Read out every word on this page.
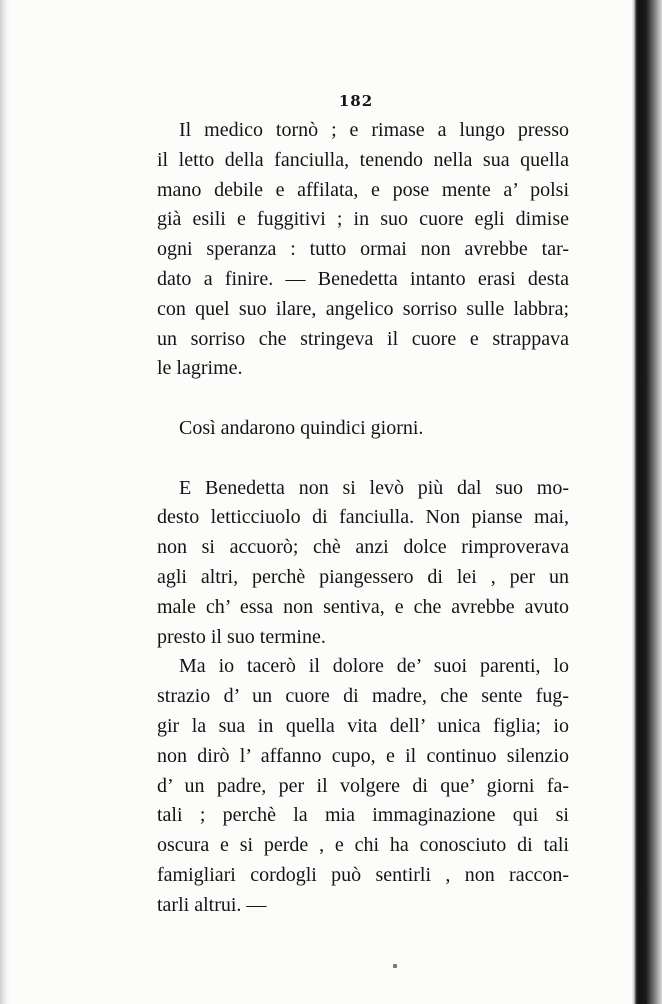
182
Il medico tornò ; e rimase a lungo presso
il letto della fanciulla, tenendo nella sua quella
mano debile e affilata, e pose mente a’ polsi
già esili e fuggitivi ; in suo cuore egli dimise
ogni speranza : tutto ormai non avrebbe tar-
dato a finire. — Benedetta intanto erasi desta
con quel suo ilare, angelico sorriso sulle labbra;
un sorriso che stringeva il cuore e strappava
le lagrime.
Così andarono quindici giorni.
E Benedetta non si levò più dal suo mo-
desto letticciuolo di fanciulla. Non pianse mai,
non si accuorò; chè anzi dolce rimproverava
agli altri, perchè piangessero di lei , per un
male ch’ essa non sentiva, e che avrebbe avuto
presto il suo termine.
Ma io tacerò il dolore de’ suoi parenti, lo
strazio d’ un cuore di madre, che sente fug-
gir la sua in quella vita dell’ unica figlia; io
non dirò l’ affanno cupo, e il continuo silenzio
d’ un padre, per il volgere di que’ giorni fa-
tali ; perchè la mia immaginazione qui si
oscura e si perde , e chi ha conosciuto di tali
famigliari cordogli può sentirli , non raccon-
tarli altrui. —
